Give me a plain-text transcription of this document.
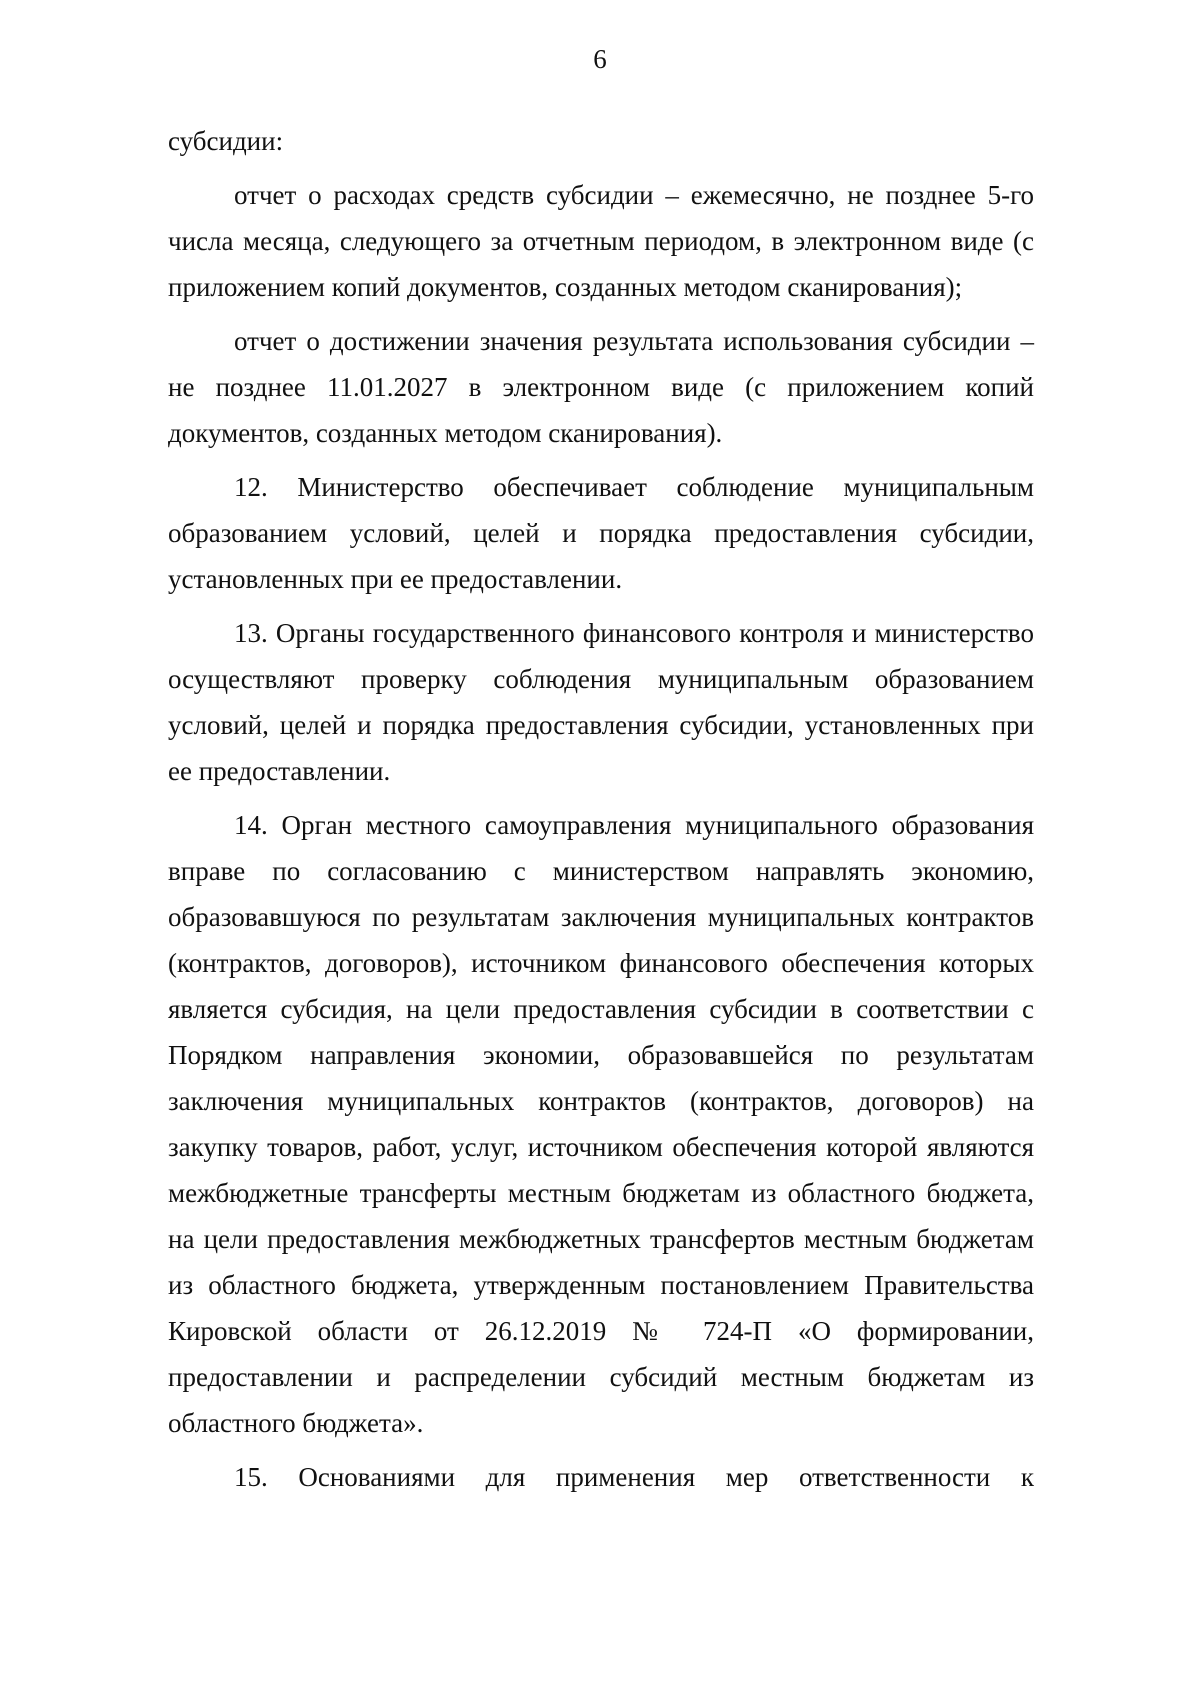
6

субсидии:

отчет о расходах средств субсидии – ежемесячно, не позднее 5-го числа месяца, следующего за отчетным периодом, в электронном виде (с приложением копий документов, созданных методом сканирования);

отчет о достижении значения результата использования субсидии – не позднее 11.01.2027 в электронном виде (с приложением копий документов, созданных методом сканирования).

12. Министерство обеспечивает соблюдение муниципальным образованием условий, целей и порядка предоставления субсидии, установленных при ее предоставлении.

13. Органы государственного финансового контроля и министерство осуществляют проверку соблюдения муниципальным образованием условий, целей и порядка предоставления субсидии, установленных при ее предоставлении.

14. Орган местного самоуправления муниципального образования вправе по согласованию с министерством направлять экономию, образовавшуюся по результатам заключения муниципальных контрактов (контрактов, договоров), источником финансового обеспечения которых является субсидия, на цели предоставления субсидии в соответствии с Порядком направления экономии, образовавшейся по результатам заключения муниципальных контрактов (контрактов, договоров) на закупку товаров, работ, услуг, источником обеспечения которой являются межбюджетные трансферты местным бюджетам из областного бюджета, на цели предоставления межбюджетных трансфертов местным бюджетам из областного бюджета, утвержденным постановлением Правительства Кировской области от 26.12.2019 № 724-П «О формировании, предоставлении и распределении субсидий местным бюджетам из областного бюджета».

15. Основаниями для применения мер ответственности к
